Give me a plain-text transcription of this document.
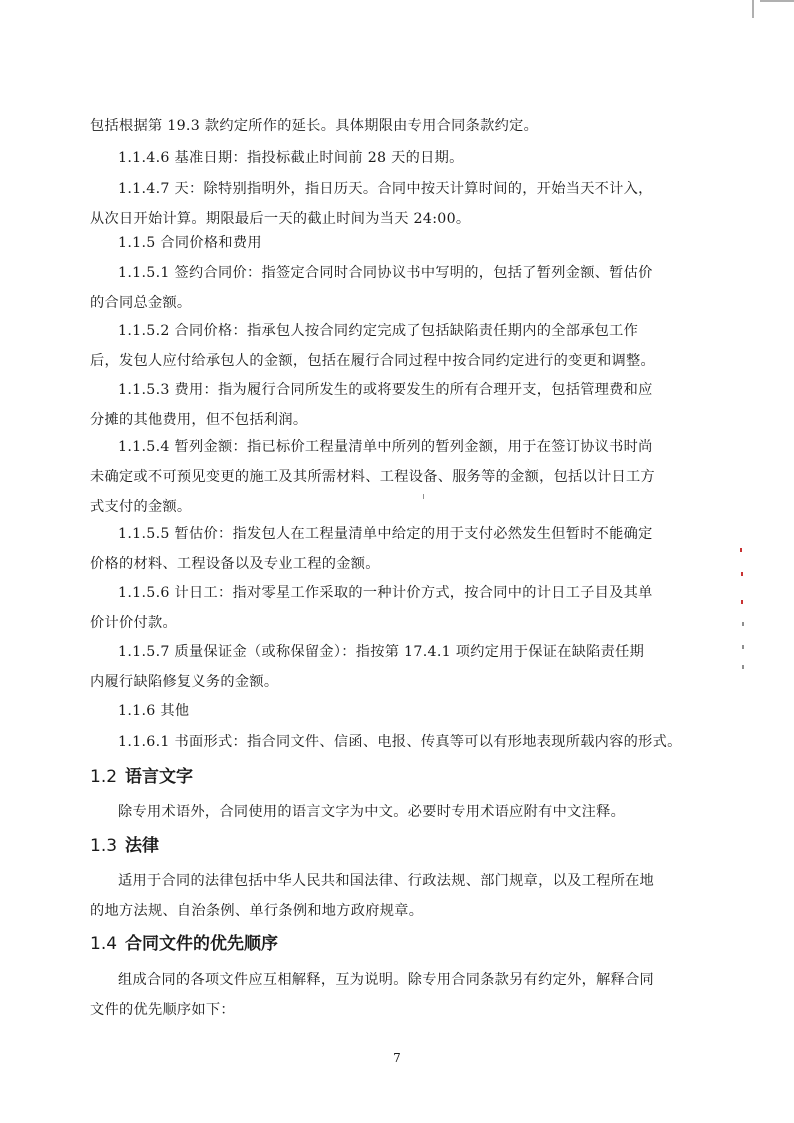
包括根据第 19.3 款约定所作的延长。具体期限由专用合同条款约定。

1.1.4.6 基准日期：指投标截止时间前 28 天的日期。

1.1.4.7 天：除特别指明外，指日历天。合同中按天计算时间的，开始当天不计入，从次日开始计算。期限最后一天的截止时间为当天 24:00。

1.1.5 合同价格和费用

1.1.5.1 签约合同价：指签定合同时合同协议书中写明的，包括了暂列金额、暂估价的合同总金额。

1.1.5.2 合同价格：指承包人按合同约定完成了包括缺陷责任期内的全部承包工作后，发包人应付给承包人的金额，包括在履行合同过程中按合同约定进行的变更和调整。

1.1.5.3 费用：指为履行合同所发生的或将要发生的所有合理开支，包括管理费和应分摊的其他费用，但不包括利润。

1.1.5.4 暂列金额：指已标价工程量清单中所列的暂列金额，用于在签订协议书时尚未确定或不可预见变更的施工及其所需材料、工程设备、服务等的金额，包括以计日工方式支付的金额。

1.1.5.5 暂估价：指发包人在工程量清单中给定的用于支付必然发生但暂时不能确定价格的材料、工程设备以及专业工程的金额。

1.1.5.6 计日工：指对零星工作采取的一种计价方式，按合同中的计日工子目及其单价计价付款。

1.1.5.7 质量保证金（或称保留金）：指按第 17.4.1 项约定用于保证在缺陷责任期内履行缺陷修复义务的金额。

1.1.6 其他

1.1.6.1 书面形式：指合同文件、信函、电报、传真等可以有形地表现所载内容的形式。

1.2 语言文字

除专用术语外，合同使用的语言文字为中文。必要时专用术语应附有中文注释。

1.3 法律

适用于合同的法律包括中华人民共和国法律、行政法规、部门规章，以及工程所在地的地方法规、自治条例、单行条例和地方政府规章。

1.4 合同文件的优先顺序

组成合同的各项文件应互相解释，互为说明。除专用合同条款另有约定外，解释合同文件的优先顺序如下：

7
